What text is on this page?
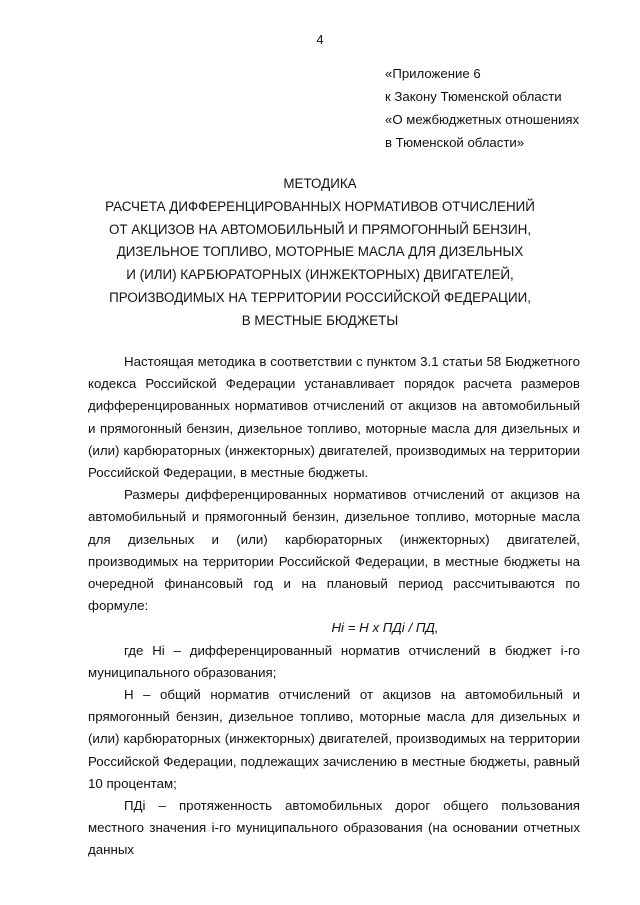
4
«Приложение 6
к Закону Тюменской области
«О межбюджетных отношениях
в Тюменской области»
МЕТОДИКА
РАСЧЕТА ДИФФЕРЕНЦИРОВАННЫХ НОРМАТИВОВ ОТЧИСЛЕНИЙ
ОТ АКЦИЗОВ НА АВТОМОБИЛЬНЫЙ И ПРЯМОГОННЫЙ БЕНЗИН,
ДИЗЕЛЬНОЕ ТОПЛИВО, МОТОРНЫЕ МАСЛА ДЛЯ ДИЗЕЛЬНЫХ
И (ИЛИ) КАРБЮРАТОРНЫХ (ИНЖЕКТОРНЫХ) ДВИГАТЕЛЕЙ,
ПРОИЗВОДИМЫХ НА ТЕРРИТОРИИ РОССИЙСКОЙ ФЕДЕРАЦИИ,
В МЕСТНЫЕ БЮДЖЕТЫ

Настоящая методика в соответствии с пунктом 3.1 статьи 58 Бюджетного кодекса Российской Федерации устанавливает порядок расчета размеров дифференцированных нормативов отчислений от акцизов на автомобильный и прямогонный бензин, дизельное топливо, моторные масла для дизельных и (или) карбюраторных (инжекторных) двигателей, производимых на территории Российской Федерации, в местные бюджеты.

Размеры дифференцированных нормативов отчислений от акцизов на автомобильный и прямогонный бензин, дизельное топливо, моторные масла для дизельных и (или) карбюраторных (инжекторных) двигателей, производимых на территории Российской Федерации, в местные бюджеты на очередной финансовый год и на плановый период рассчитываются по формуле:

Нi = Н х ПДi / ПД,

где Нi – дифференцированный норматив отчислений в бюджет i-го муниципального образования;

Н – общий норматив отчислений от акцизов на автомобильный и прямогонный бензин, дизельное топливо, моторные масла для дизельных и (или) карбюраторных (инжекторных) двигателей, производимых на территории Российской Федерации, подлежащих зачислению в местные бюджеты, равный 10 процентам;

ПДi – протяженность автомобильных дорог общего пользования местного значения i-го муниципального образования (на основании отчетных данных
